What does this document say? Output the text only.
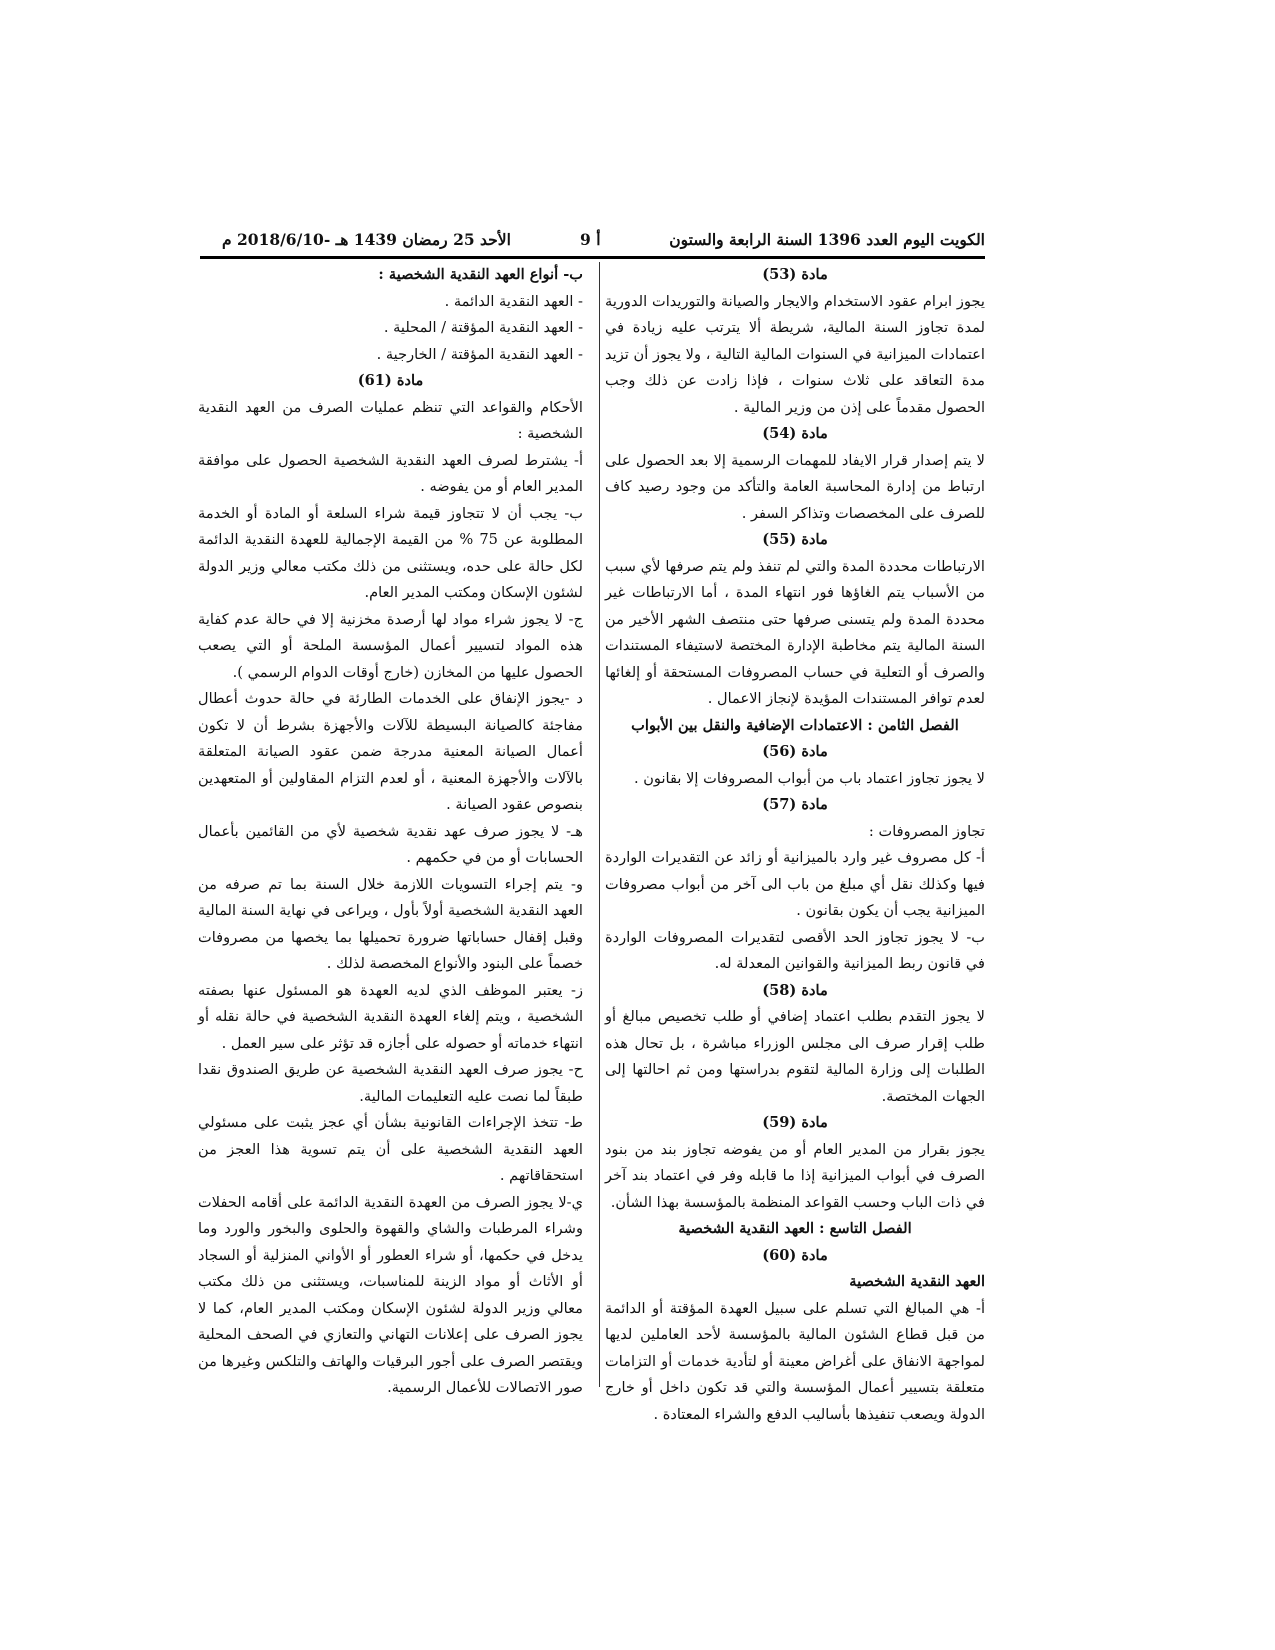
الكويت اليوم العدد 1396 السنة الرابعة والستون
أ 9
الأحد 25 رمضان 1439 هـ -2018/6/10 م

مادة (53)

يجوز ابرام عقود الاستخدام والايجار والصيانة والتوريدات الدورية لمدة تجاوز السنة المالية، شريطة ألا يترتب عليه زيادة في اعتمادات الميزانية في السنوات المالية التالية ، ولا يجوز أن تزيد مدة التعاقد على ثلاث سنوات ، فإذا زادت عن ذلك وجب الحصول مقدماً على إذن من وزير المالية .

مادة (54)

لا يتم إصدار قرار الايفاد للمهمات الرسمية إلا بعد الحصول على ارتباط من إدارة المحاسبة العامة والتأكد من وجود رصيد كاف للصرف على المخصصات وتذاكر السفر .

مادة (55)

الارتباطات محددة المدة والتي لم تنفذ ولم يتم صرفها لأي سبب من الأسباب يتم الغاؤها فور انتهاء المدة ، أما الارتباطات غير محددة المدة ولم يتسنى صرفها حتى منتصف الشهر الأخير من السنة المالية يتم مخاطبة الإدارة المختصة لاستيفاء المستندات والصرف أو التعلية في حساب المصروفات المستحقة أو إلغائها لعدم توافر المستندات المؤيدة لإنجاز الاعمال .

الفصل الثامن : الاعتمادات الإضافية والنقل بين الأبواب

مادة (56)

لا يجوز تجاوز اعتماد باب من أبواب المصروفات إلا بقانون .

مادة (57)

تجاوز المصروفات :

أ- كل مصروف غير وارد بالميزانية أو زائد عن التقديرات الواردة فيها وكذلك نقل أي مبلغ من باب الى آخر من أبواب مصروفات الميزانية يجب أن يكون بقانون .

ب- لا يجوز تجاوز الحد الأقصى لتقديرات المصروفات الواردة في قانون ربط الميزانية والقوانين المعدلة له.

مادة (58)

لا يجوز التقدم بطلب اعتماد إضافي أو طلب تخصيص مبالغ أو طلب إقرار صرف الى مجلس الوزراء مباشرة ، بل تحال هذه الطلبات إلى وزارة المالية لتقوم بدراستها ومن ثم احالتها إلى الجهات المختصة.

مادة (59)

يجوز بقرار من المدير العام أو من يفوضه تجاوز بند من بنود الصرف في أبواب الميزانية إذا ما قابله وفر في اعتماد بند آخر في ذات الباب وحسب القواعد المنظمة بالمؤسسة بهذا الشأن.

الفصل التاسع : العهد النقدية الشخصية

مادة (60)

العهد النقدية الشخصية

أ- هي المبالغ التي تسلم على سبيل العهدة المؤقتة أو الدائمة من قبل قطاع الشئون المالية بالمؤسسة لأحد العاملين لديها لمواجهة الانفاق على أغراض معينة أو لتأدية خدمات أو التزامات متعلقة بتسيير أعمال المؤسسة والتي قد تكون داخل أو خارج الدولة ويصعب تنفيذها بأساليب الدفع والشراء المعتادة .

ب- أنواع العهد النقدية الشخصية :

- العهد النقدية الدائمة .

- العهد النقدية المؤقتة / المحلية .

- العهد النقدية المؤقتة / الخارجية .

مادة (61)

الأحكام والقواعد التي تنظم عمليات الصرف من العهد النقدية الشخصية :

أ- يشترط لصرف العهد النقدية الشخصية الحصول على موافقة المدير العام أو من يفوضه .

ب- يجب أن لا تتجاوز قيمة شراء السلعة أو المادة أو الخدمة المطلوبة عن 75 % من القيمة الإجمالية للعهدة النقدية الدائمة لكل حالة على حده، ويستثنى من ذلك مكتب معالي وزير الدولة لشئون الإسكان ومكتب المدير العام.

ج- لا يجوز شراء مواد لها أرصدة مخزنية إلا في حالة عدم كفاية هذه المواد لتسيير أعمال المؤسسة الملحة أو التي يصعب الحصول عليها من المخازن (خارج أوقات الدوام الرسمي ).

د -يجوز الإنفاق على الخدمات الطارئة في حالة حدوث أعطال مفاجئة كالصيانة البسيطة للآلات والأجهزة بشرط أن لا تكون أعمال الصيانة المعنية مدرجة ضمن عقود الصيانة المتعلقة بالآلات والأجهزة المعنية ، أو لعدم التزام المقاولين أو المتعهدين بنصوص عقود الصيانة .

هـ- لا يجوز صرف عهد نقدية شخصية لأي من القائمين بأعمال الحسابات أو من في حكمهم .

و- يتم إجراء التسويات اللازمة خلال السنة بما تم صرفه من العهد النقدية الشخصية أولاً بأول ، ويراعى في نهاية السنة المالية وقبل إقفال حساباتها ضرورة تحميلها بما يخصها من مصروفات خصماً على البنود والأنواع المخصصة لذلك .

ز- يعتبر الموظف الذي لديه العهدة هو المسئول عنها بصفته الشخصية ، ويتم إلغاء العهدة النقدية الشخصية في حالة نقله أو انتهاء خدماته أو حصوله على أجازه قد تؤثر على سير العمل .

ح- يجوز صرف العهد النقدية الشخصية عن طريق الصندوق نقدا طبقاً لما نصت عليه التعليمات المالية.

ط- تتخذ الإجراءات القانونية بشأن أي عجز يثبت على مسئولي العهد النقدية الشخصية على أن يتم تسوية هذا العجز من استحقاقاتهم .

ي-لا يجوز الصرف من العهدة النقدية الدائمة على أقامه الحفلات وشراء المرطبات والشاي والقهوة والحلوى والبخور والورد وما يدخل في حكمها، أو شراء العطور أو الأواني المنزلية أو السجاد أو الأثاث أو مواد الزينة للمناسبات، ويستثنى من ذلك مكتب معالي وزير الدولة لشئون الإسكان ومكتب المدير العام، كما لا يجوز الصرف على إعلانات التهاني والتعازي في الصحف المحلية ويقتصر الصرف على أجور البرقيات والهاتف والتلكس وغيرها من صور الاتصالات للأعمال الرسمية.
